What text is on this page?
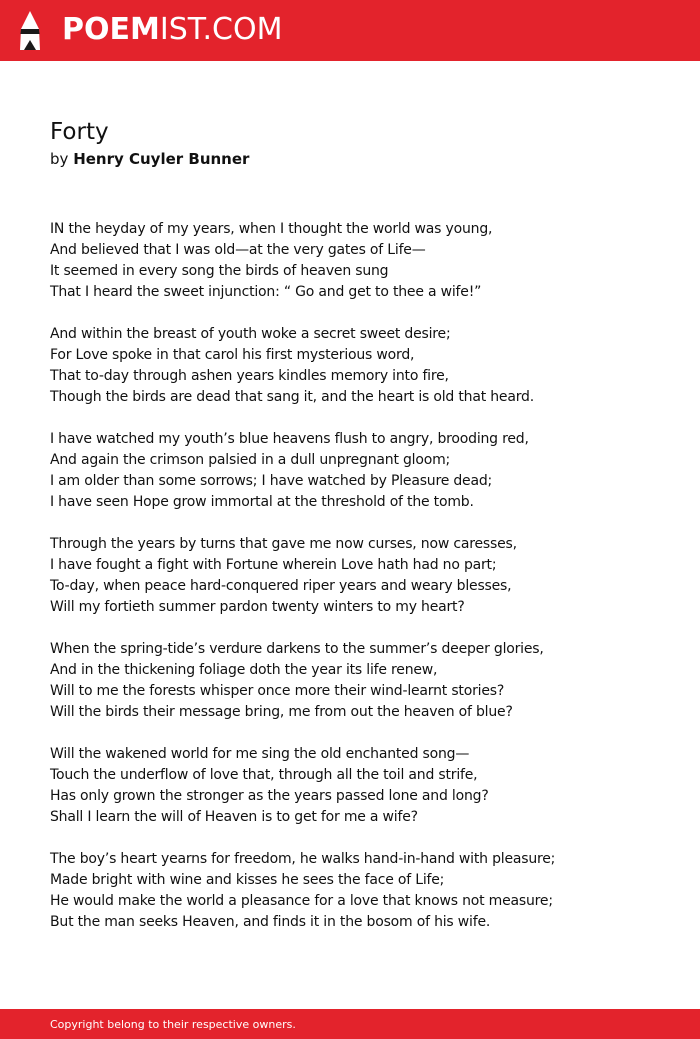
POEMIST.COM
Forty
by Henry Cuyler Bunner
IN the heyday of my years, when I thought the world was young,
And believed that I was old—at the very gates of Life—
It seemed in every song the birds of heaven sung
That I heard the sweet injunction: “ Go and get to thee a wife!”
And within the breast of youth woke a secret sweet desire;
For Love spoke in that carol his first mysterious word,
That to-day through ashen years kindles memory into fire,
Though the birds are dead that sang it, and the heart is old that heard.
I have watched my youth’s blue heavens flush to angry, brooding red,
And again the crimson palsied in a dull unpregnant gloom;
I am older than some sorrows; I have watched by Pleasure dead;
I have seen Hope grow immortal at the threshold of the tomb.
Through the years by turns that gave me now curses, now caresses,
I have fought a fight with Fortune wherein Love hath had no part;
To-day, when peace hard-conquered riper years and weary blesses,
Will my fortieth summer pardon twenty winters to my heart?
When the spring-tide’s verdure darkens to the summer’s deeper glories,
And in the thickening foliage doth the year its life renew,
Will to me the forests whisper once more their wind-learnt stories?
Will the birds their message bring, me from out the heaven of blue?
Will the wakened world for me sing the old enchanted song—
Touch the underflow of love that, through all the toil and strife,
Has only grown the stronger as the years passed lone and long?
Shall I learn the will of Heaven is to get for me a wife?
The boy’s heart yearns for freedom, he walks hand-in-hand with pleasure;
Made bright with wine and kisses he sees the face of Life;
He would make the world a pleasance for a love that knows not measure;
But the man seeks Heaven, and finds it in the bosom of his wife.
Copyright belong to their respective owners.
